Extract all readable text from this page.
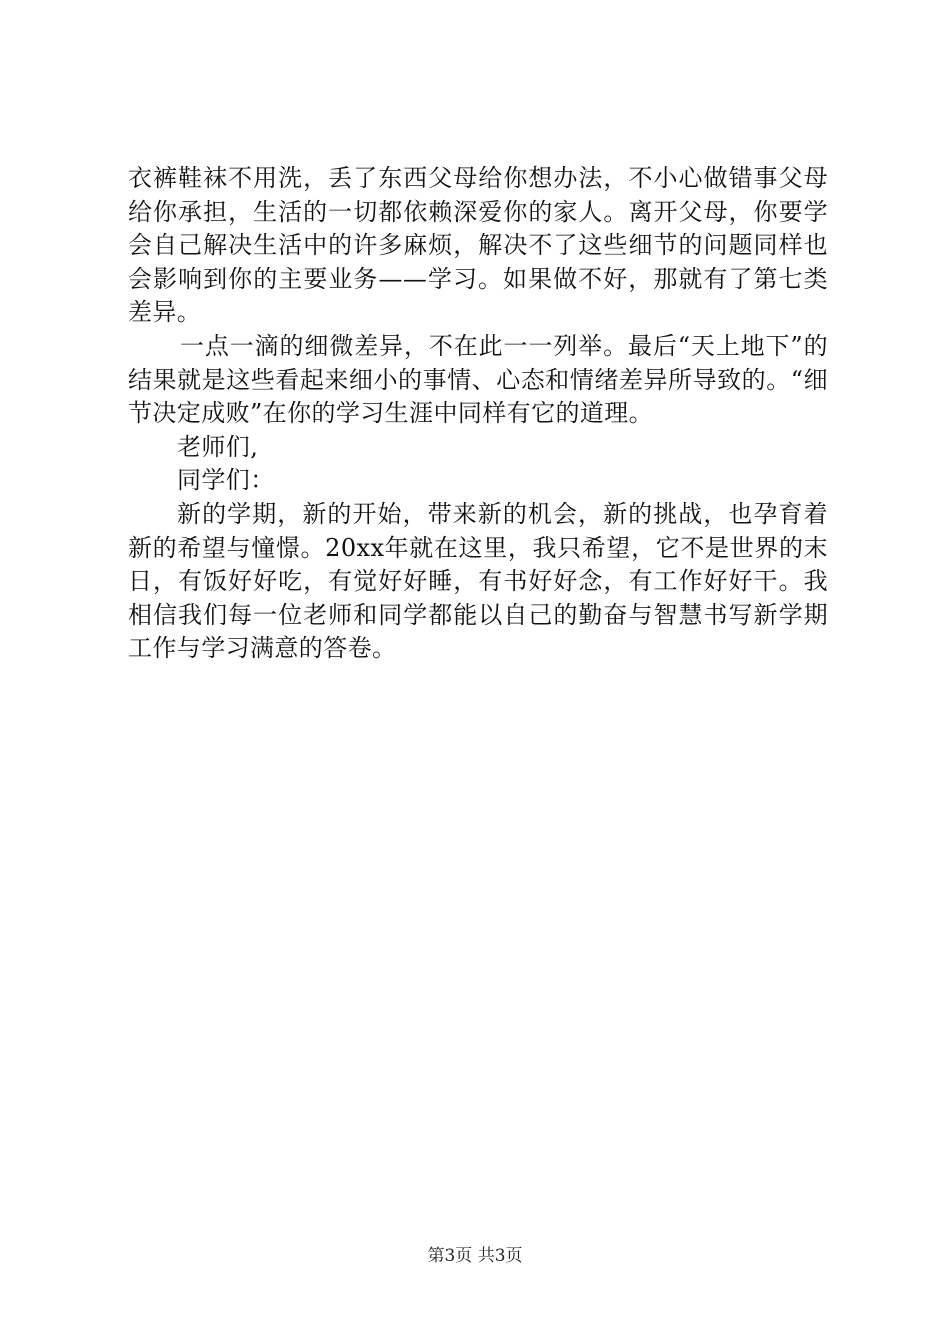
衣裤鞋袜不用洗，丢了东西父母给你想办法，不小心做错事父母给你承担，生活的一切都依赖深爱你的家人。离开父母，你要学会自己解决生活中的许多麻烦，解决不了这些细节的问题同样也会影响到你的主要业务——学习。如果做不好，那就有了第七类差异。

一点一滴的细微差异，不在此一一列举。最后“天上地下”的结果就是这些看起来细小的事情、心态和情绪差异所导致的。“细节决定成败”在你的学习生涯中同样有它的道理。

老师们,

同学们：

新的学期，新的开始，带来新的机会，新的挑战，也孕育着新的希望与憧憬。20xx年就在这里，我只希望，它不是世界的末日，有饭好好吃，有觉好好睡，有书好好念，有工作好好干。我相信我们每一位老师和同学都能以自己的勤奋与智慧书写新学期工作与学习满意的答卷。

第3页 共3页
